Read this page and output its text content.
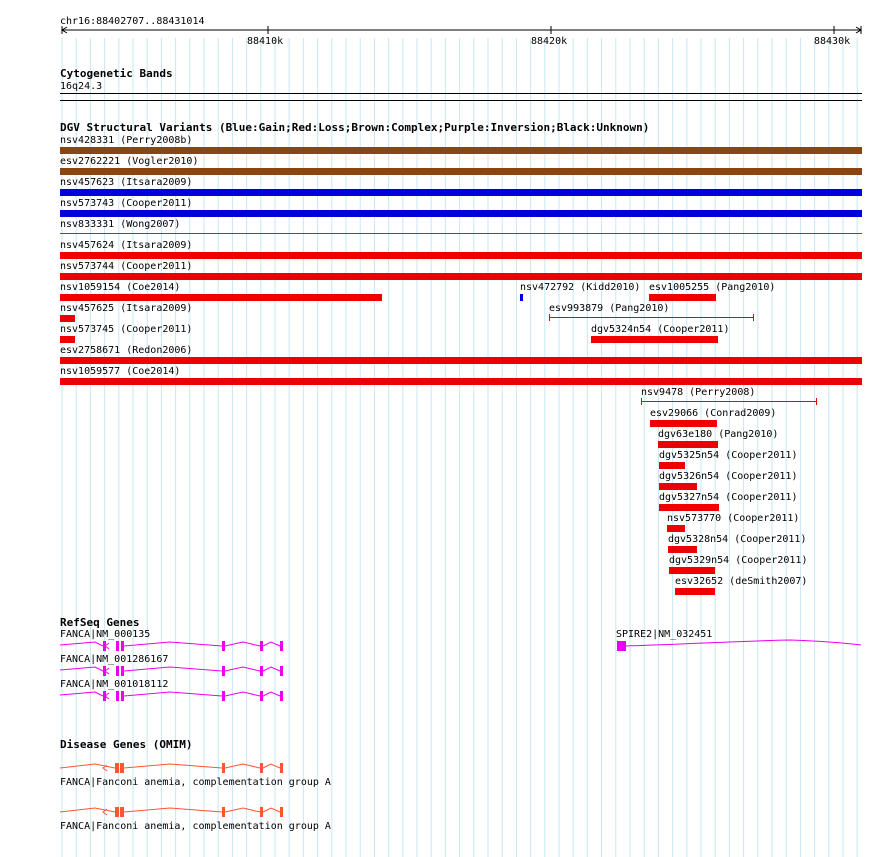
chr16:88402707..88431014
88410k	88420k	88430k
Cytogenetic Bands
16q24.3
DGV Structural Variants (Blue:Gain;Red:Loss;Brown:Complex;Purple:Inversion;Black:Unknown)
nsv428331 (Perry2008b)
esv2762221 (Vogler2010)
nsv457623 (Itsara2009)
nsv573743 (Cooper2011)
nsv833331 (Wong2007)
nsv457624 (Itsara2009)
nsv573744 (Cooper2011)
nsv1059154 (Coe2014)	nsv472792 (Kidd2010) esv1005255 (Pang2010)
nsv457625 (Itsara2009)	esv993879 (Pang2010)
nsv573745 (Cooper2011)	dgv5324n54 (Cooper2011)
esv2758671 (Redon2006)
nsv1059577 (Coe2014)
nsv9478 (Perry2008)
esv29066 (Conrad2009)
dgv63e180 (Pang2010)
dgv5325n54 (Cooper2011)
dgv5326n54 (Cooper2011)
dgv5327n54 (Cooper2011)
nsv573770 (Cooper2011)
dgv5328n54 (Cooper2011)
dgv5329n54 (Cooper2011)
esv32652 (deSmith2007)
RefSeq Genes
FANCA|NM_000135
FANCA|NM_001286167
FANCA|NM_001018112
SPIRE2|NM_032451
Disease Genes (OMIM)
FANCA|Fanconi anemia, complementation group A
FANCA|Fanconi anemia, complementation group A
